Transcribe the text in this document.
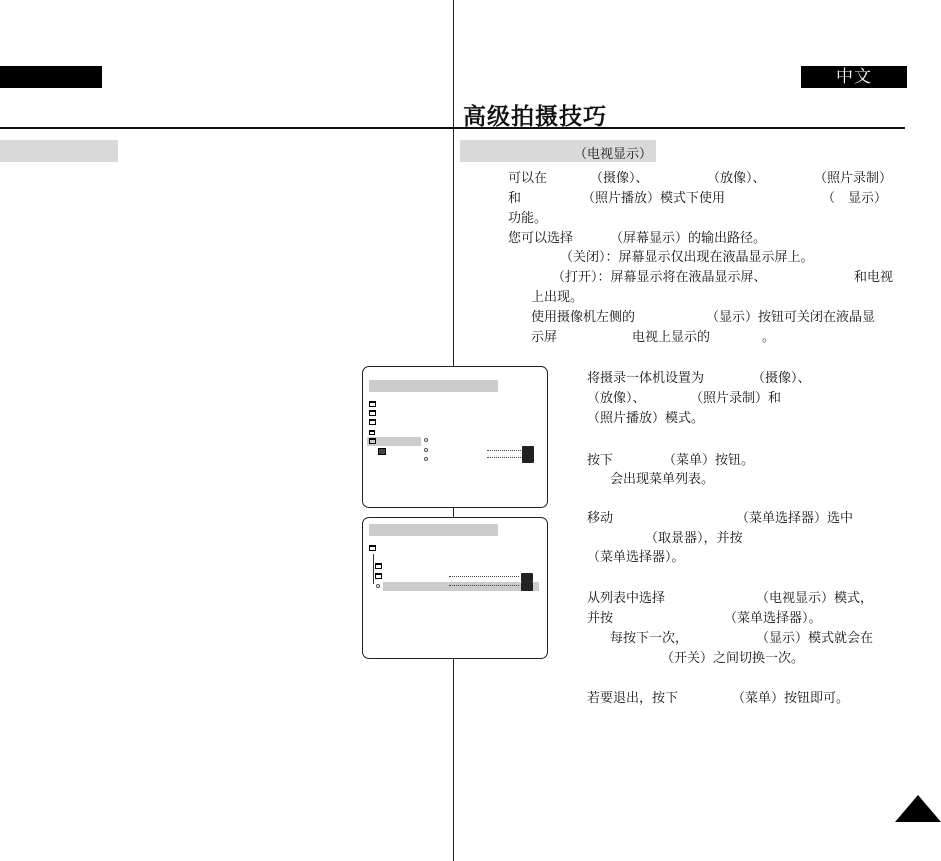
中文
高级拍摄技巧
（电视显示）
可以在	（摄像）、	（放像）、	（照片录制）
和	（照片播放）模式下使用	（ 显示）
功能。
您可以选择	（屏幕显示）的输出路径。
（关闭）：屏幕显示仅出现在液晶显示屏上。
（打开）：屏幕显示将在液晶显示屏、	和电视
上出现。
使用摄像机左侧的	（显示）按钮可关闭在液晶显
示屏	电视上显示的	。
将摄录一体机设置为	（摄像）、
（放像）、	（照片录制）和
（照片播放）模式。
按下	（菜单）按钮。
会出现菜单列表。
移动	（菜单选择器）选中
（取景器），并按
（菜单选择器）。
从列表中选择	（电视显示）模式，
并按	（菜单选择器）。
每按下一次，	（显示）模式就会在
（开关）之间切换一次。
若要退出，按下	（菜单）按钮即可。
